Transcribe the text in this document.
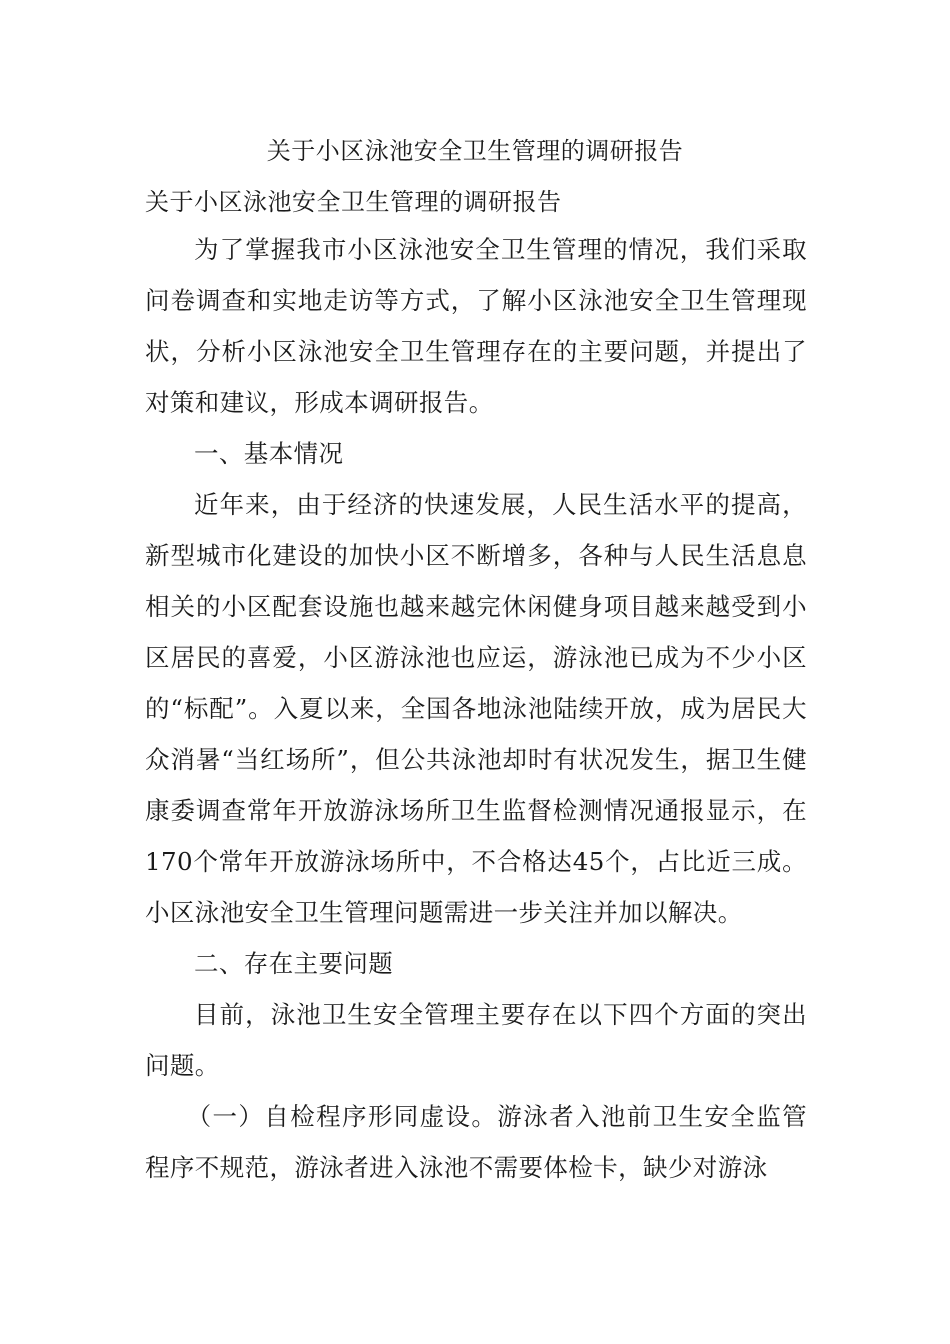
关于小区泳池安全卫生管理的调研报告
关于小区泳池安全卫生管理的调研报告

为了掌握我市小区泳池安全卫生管理的情况，我们采取问卷调查和实地走访等方式，了解小区泳池安全卫生管理现状，分析小区泳池安全卫生管理存在的主要问题，并提出了对策和建议，形成本调研报告。

一、基本情况

近年来，由于经济的快速发展，人民生活水平的提高，新型城市化建设的加快小区不断增多，各种与人民生活息息相关的小区配套设施也越来越完休闲健身项目越来越受到小区居民的喜爱，小区游泳池也应运，游泳池已成为不少小区的“标配”。入夏以来，全国各地泳池陆续开放，成为居民大众消暑“当红场所”，但公共泳池却时有状况发生，据卫生健康委调查常年开放游泳场所卫生监督检测情况通报显示，在170个常年开放游泳场所中，不合格达45个，占比近三成。小区泳池安全卫生管理问题需进一步关注并加以解决。

二、存在主要问题

目前，泳池卫生安全管理主要存在以下四个方面的突出问题。

（一）自检程序形同虚设。游泳者入池前卫生安全监管程序不规范，游泳者进入泳池不需要体检卡，缺少对游泳
